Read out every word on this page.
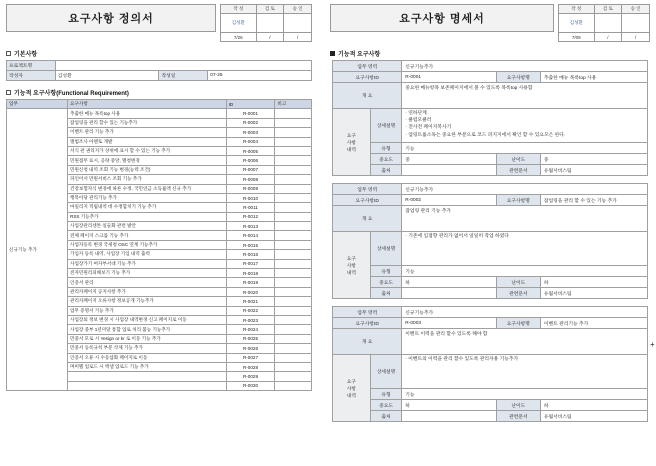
요구사항 정의서
작 성	검 토	승 인
김성환		
7/26	/	/
기본사항
프로젝트명			
작성자	김성환	작성일	07-25
기능적 요구사항(Functional Requirement)
업무	요구사항	ID	비고
신규기능 추가	추출한 메뉴 목록top 사용	R-0001	
	잡업링을 관리 할수 있는 기능추가	R-0002	
	이벤트 관리 기능 추가	R-0003	
	앨범조사 아멘토 개발	R-0004	
	서식 관 권리지가 상위에 표시 할 수 있는 기능 추가	R-0005	
	민원접무 표시, 공략 중앙, 멜청변경	R-0006	
	민원신청 내역 조회 기능 변경(능력 조건)	R-0007	
	파인어서 만원서비스 조회 기능 추가	R-0008	
	건강보험자식 변경에 따른 수정, 국민연금 소득률액 신규 추가	R-0009	
	행복아당 관리기능 추가	R-0010	
	마일리지 적립내역 데 수정합치기 기능 추가	R-0011	
	RSS 기능추가	R-0012	
	사업장관리센톤 일들화 관련 발안	R-0013	
	전체 페이지 스크롤 기능 추가	R-0014	
	사업자등록 변경 국세청 OSC 연계 기능추가	R-0015	
	가입자 등록 내역, 사업장 기입 내역 출력	R-0016	
	사업장가기 여자부서대 기능 추가	R-0017	
	전자민원리피해보기 기능 추가	R-0018	
	인증서 관리	R-0019	
	관리자페이지 공지사항 추가	R-0020	
	관리자페이지 오류사항 정보공개 기능추가	R-0021	
	업무 증명서 기능 추가	R-0022	
	사업장외 정보 변경 시 사업장 내역변경 신고 페이지로 이동	R-0023	
	사업장 중부 1년미달 통합 업로 처리 불능 기능추가	R-0024	
	민중서 모로 시 Yesign or kr 로 이동 기능 추가	R-0025	
	민중서 등록규칙 부분 삭제 기능 추가	R-0026	
	인증서 오류 시 수동삽화 페이지로 이동	R-0027	
	며미멜 업로드 시 액셀 업로드 기능 추가	R-0028	
		R-0029	
		R-0030	
요구사항 명세서
작 성	검 토	승 인
김성환		
7/09	/	/
기능적 요구사항
업무 영역		신규기능추가		
요구사항ID		R-0001	요구사항명	추출한 메뉴 목록top 사용
개 요		중요한 메뉴항목 보존페이지에서 볼 수 있도록 목록top 사용함		
요구
사항
내역	상세설명	
· 연하단계
· 클럽모클러
· 전사전 페이지복사기
· 업링트롤소독는 중요한 부분으로 코드 퍼지지에서 확인 할 수 있요모은 한다.

	유형	기능		
	중요도	중	난이도	중
	출처		관련문서	유월서비스팀
업무 영역		신규기능추가		
요구사항ID		R-0002	요구사항명	잡업링을 관리 할 수 있는 기능 추가
개 요		잡업링 관리 기능 추가		
요구
사항
내역	상세설명	· 기존에 입접향 관리가 없어서 일일히 작업 하였다

	유형	기능		
	중요도	하	난이도	하
	출처		관련문서	유월서비스팀
업무 영역		신규기능추가		
요구사항ID		R-0003	요구사항명	이벤트 관리기능 추가
개 요		이벤트 이력을 관리 할수 있도록 해야 함		
요구
사항
내역	상세설명	· 이벤트의 이력을 관리 할수 있도록 관리자용 기능추가

	유형	기능		
	중요도	하	난이도	하
	출처		관련문서	유월서비스팀
+
